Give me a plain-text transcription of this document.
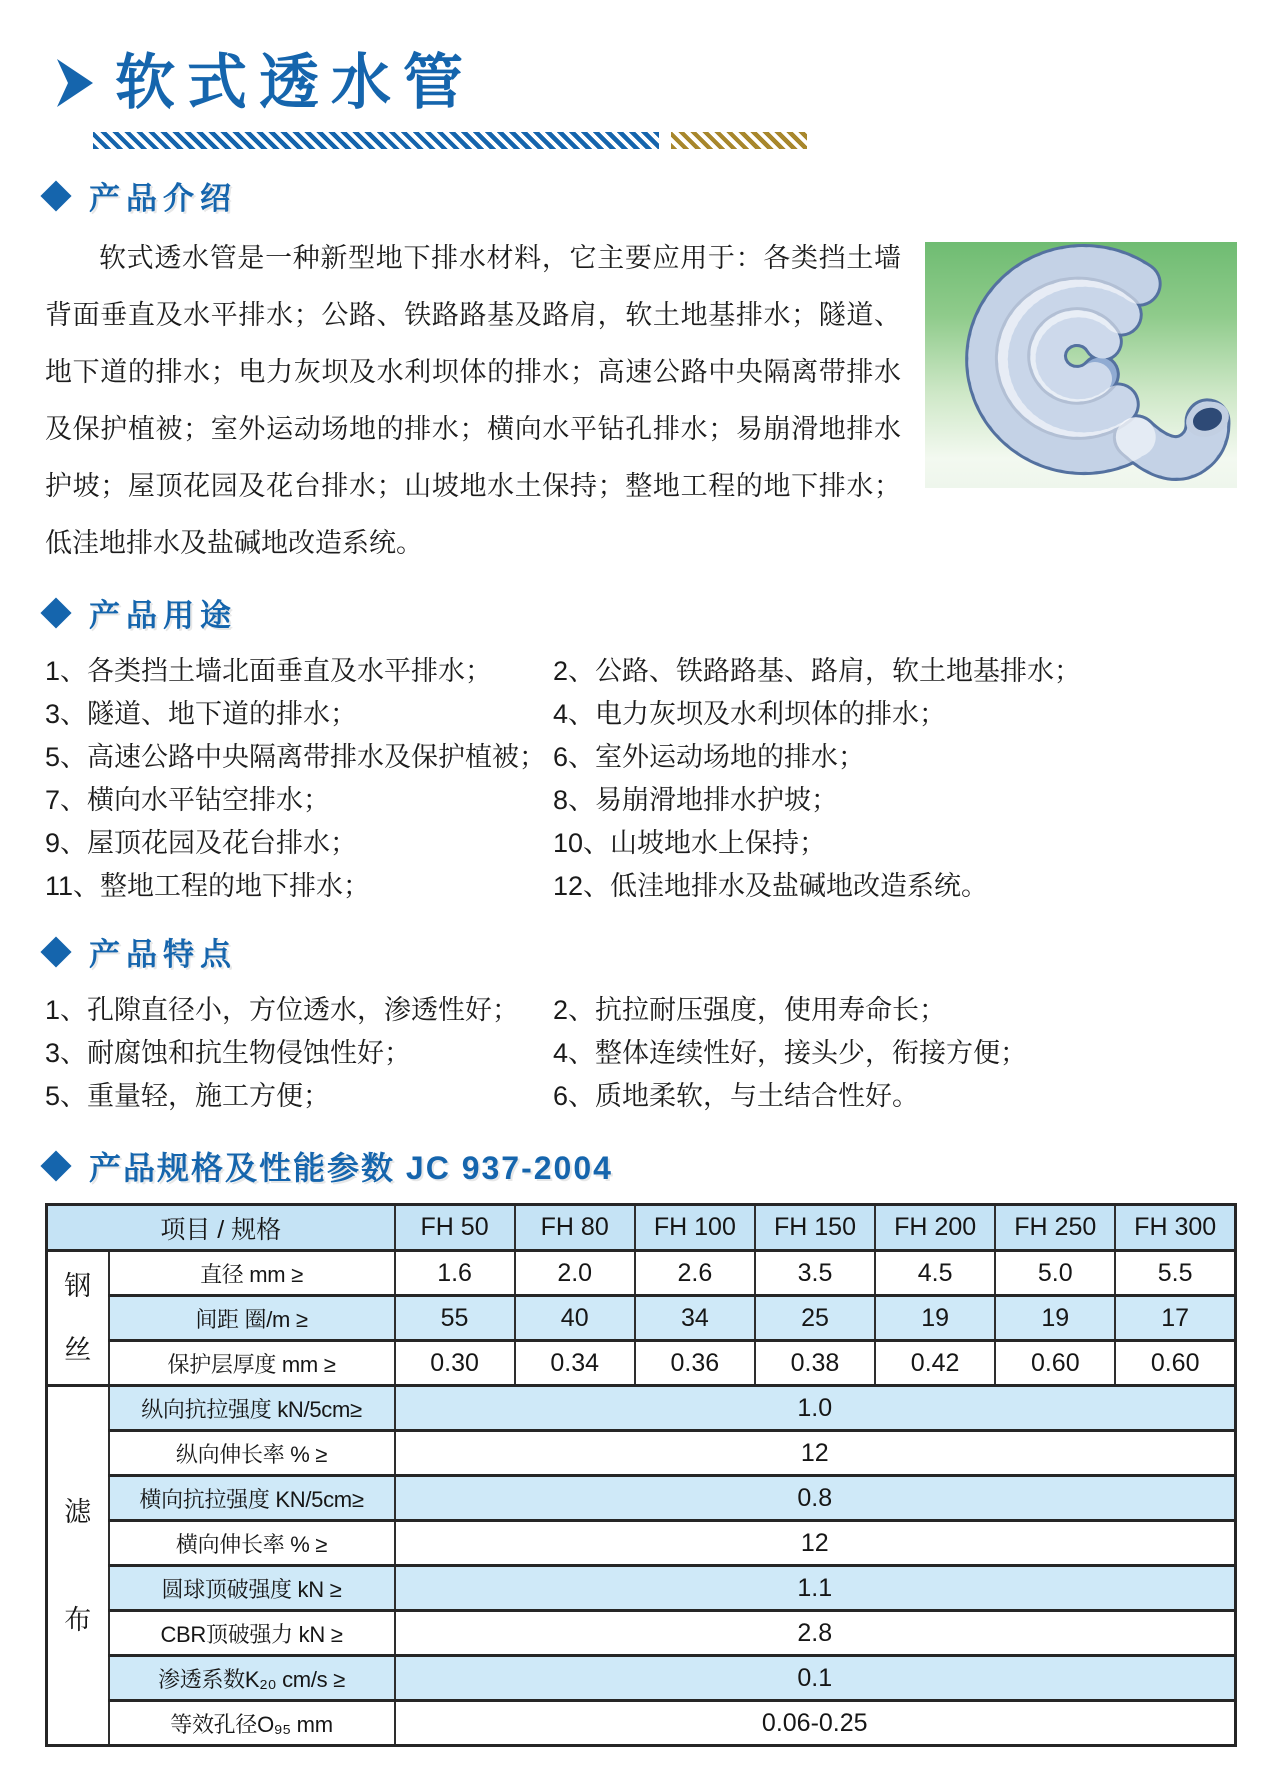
软式透水管
产品介绍

软式透水管是一种新型地下排水材料，它主要应用于：各类挡土墙背面垂直及水平排水；公路、铁路路基及路肩，软土地基排水；隧道、地下道的排水；电力灰坝及水利坝体的排水；高速公路中央隔离带排水及保护植被；室外运动场地的排水；横向水平钻孔排水；易崩滑地排水护坡；屋顶花园及花台排水；山坡地水土保持；整地工程的地下排水；低洼地排水及盐碱地改造系统。

产品用途
1、各类挡土墙北面垂直及水平排水；	2、公路、铁路路基、路肩，软土地基排水；
3、隧道、地下道的排水；	4、电力灰坝及水利坝体的排水；
5、高速公路中央隔离带排水及保护植被； 6、室外运动场地的排水；
7、横向水平钻空排水；	8、易崩滑地排水护坡；
9、屋顶花园及花台排水；	10、山坡地水上保持；
11、整地工程的地下排水；	12、低洼地排水及盐碱地改造系统。
产品特点
1、孔隙直径小，方位透水，渗透性好；	2、抗拉耐压强度，使用寿命长；
3、耐腐蚀和抗生物侵蚀性好；	4、整体连续性好，接头少，衔接方便；
5、重量轻，施工方便；	6、质地柔软，与土结合性好。
产品规格及性能参数 JC 937-2004
项目 / 规格		FH 50	FH 80	FH 100	FH 150	FH 200	FH 250	FH 300
钢丝	直径 mm ≥	1.6	2.0	2.6	3.5	4.5	5.0	5.5
	间距 圈/m ≥	55	40	34	25	19	19	17
	保护层厚度 mm ≥	0.30	0.34	0.36	0.38	0.42	0.60	0.60
滤布	纵向抗拉强度 kN/5cm≥	1.0						
	纵向伸长率 % ≥	12						
	横向抗拉强度 KN/5cm≥	0.8						
	横向伸长率 % ≥	12						
	圆球顶破强度 kN ≥	1.1						
	CBR顶破强力 kN ≥	2.8						
	渗透系数K₂₀ cm/s ≥	0.1						
	等效孔径O₉₅ mm	0.06-0.25						
